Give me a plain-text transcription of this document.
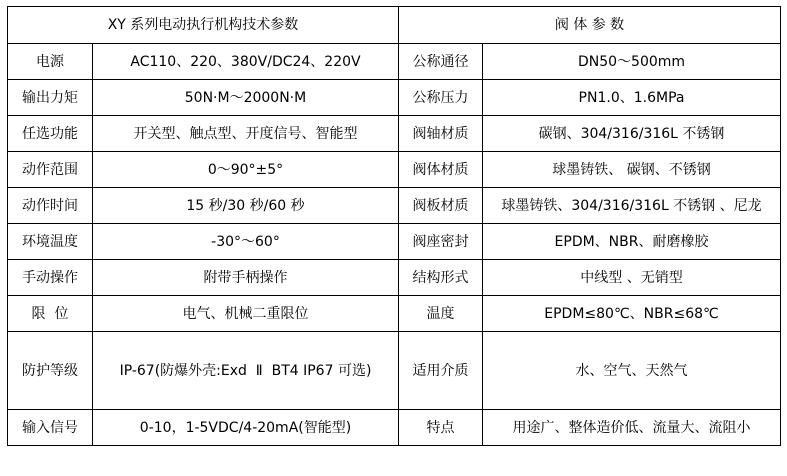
XY 系列电动执行机构技术参数		阀 体 参 数	
电源	AC110、220、380V/DC24、220V	公称通径	DN50～500mm
输出力矩	50N·M～2000N·M	公称压力	PN1.0、1.6MPa
任选功能	开关型、触点型、开度信号、智能型	阀轴材质	碳钢、304/316/316L 不锈钢
动作范围	0～90°±5°	阀体材质	球墨铸铁、 碳钢、不锈钢
动作时间	15 秒/30 秒/60 秒	阀板材质	球墨铸铁、304/316/316L 不锈钢 、尼龙
环境温度	-30°～60°	阀座密封	EPDM、NBR、耐磨橡胶
手动操作	附带手柄操作	结构形式	中线型 、无销型
限  位	电气、机械二重限位	温度	EPDM≤80℃、NBR≤68℃
防护等级	IP-67(防爆外壳:Exd  Ⅱ  BT4 IP67 可选)	适用介质	水、空气、天然气
输入信号	0-10，1-5VDC/4-20mA(智能型)	特点	用途广、整体造价低、流量大、流阻小
